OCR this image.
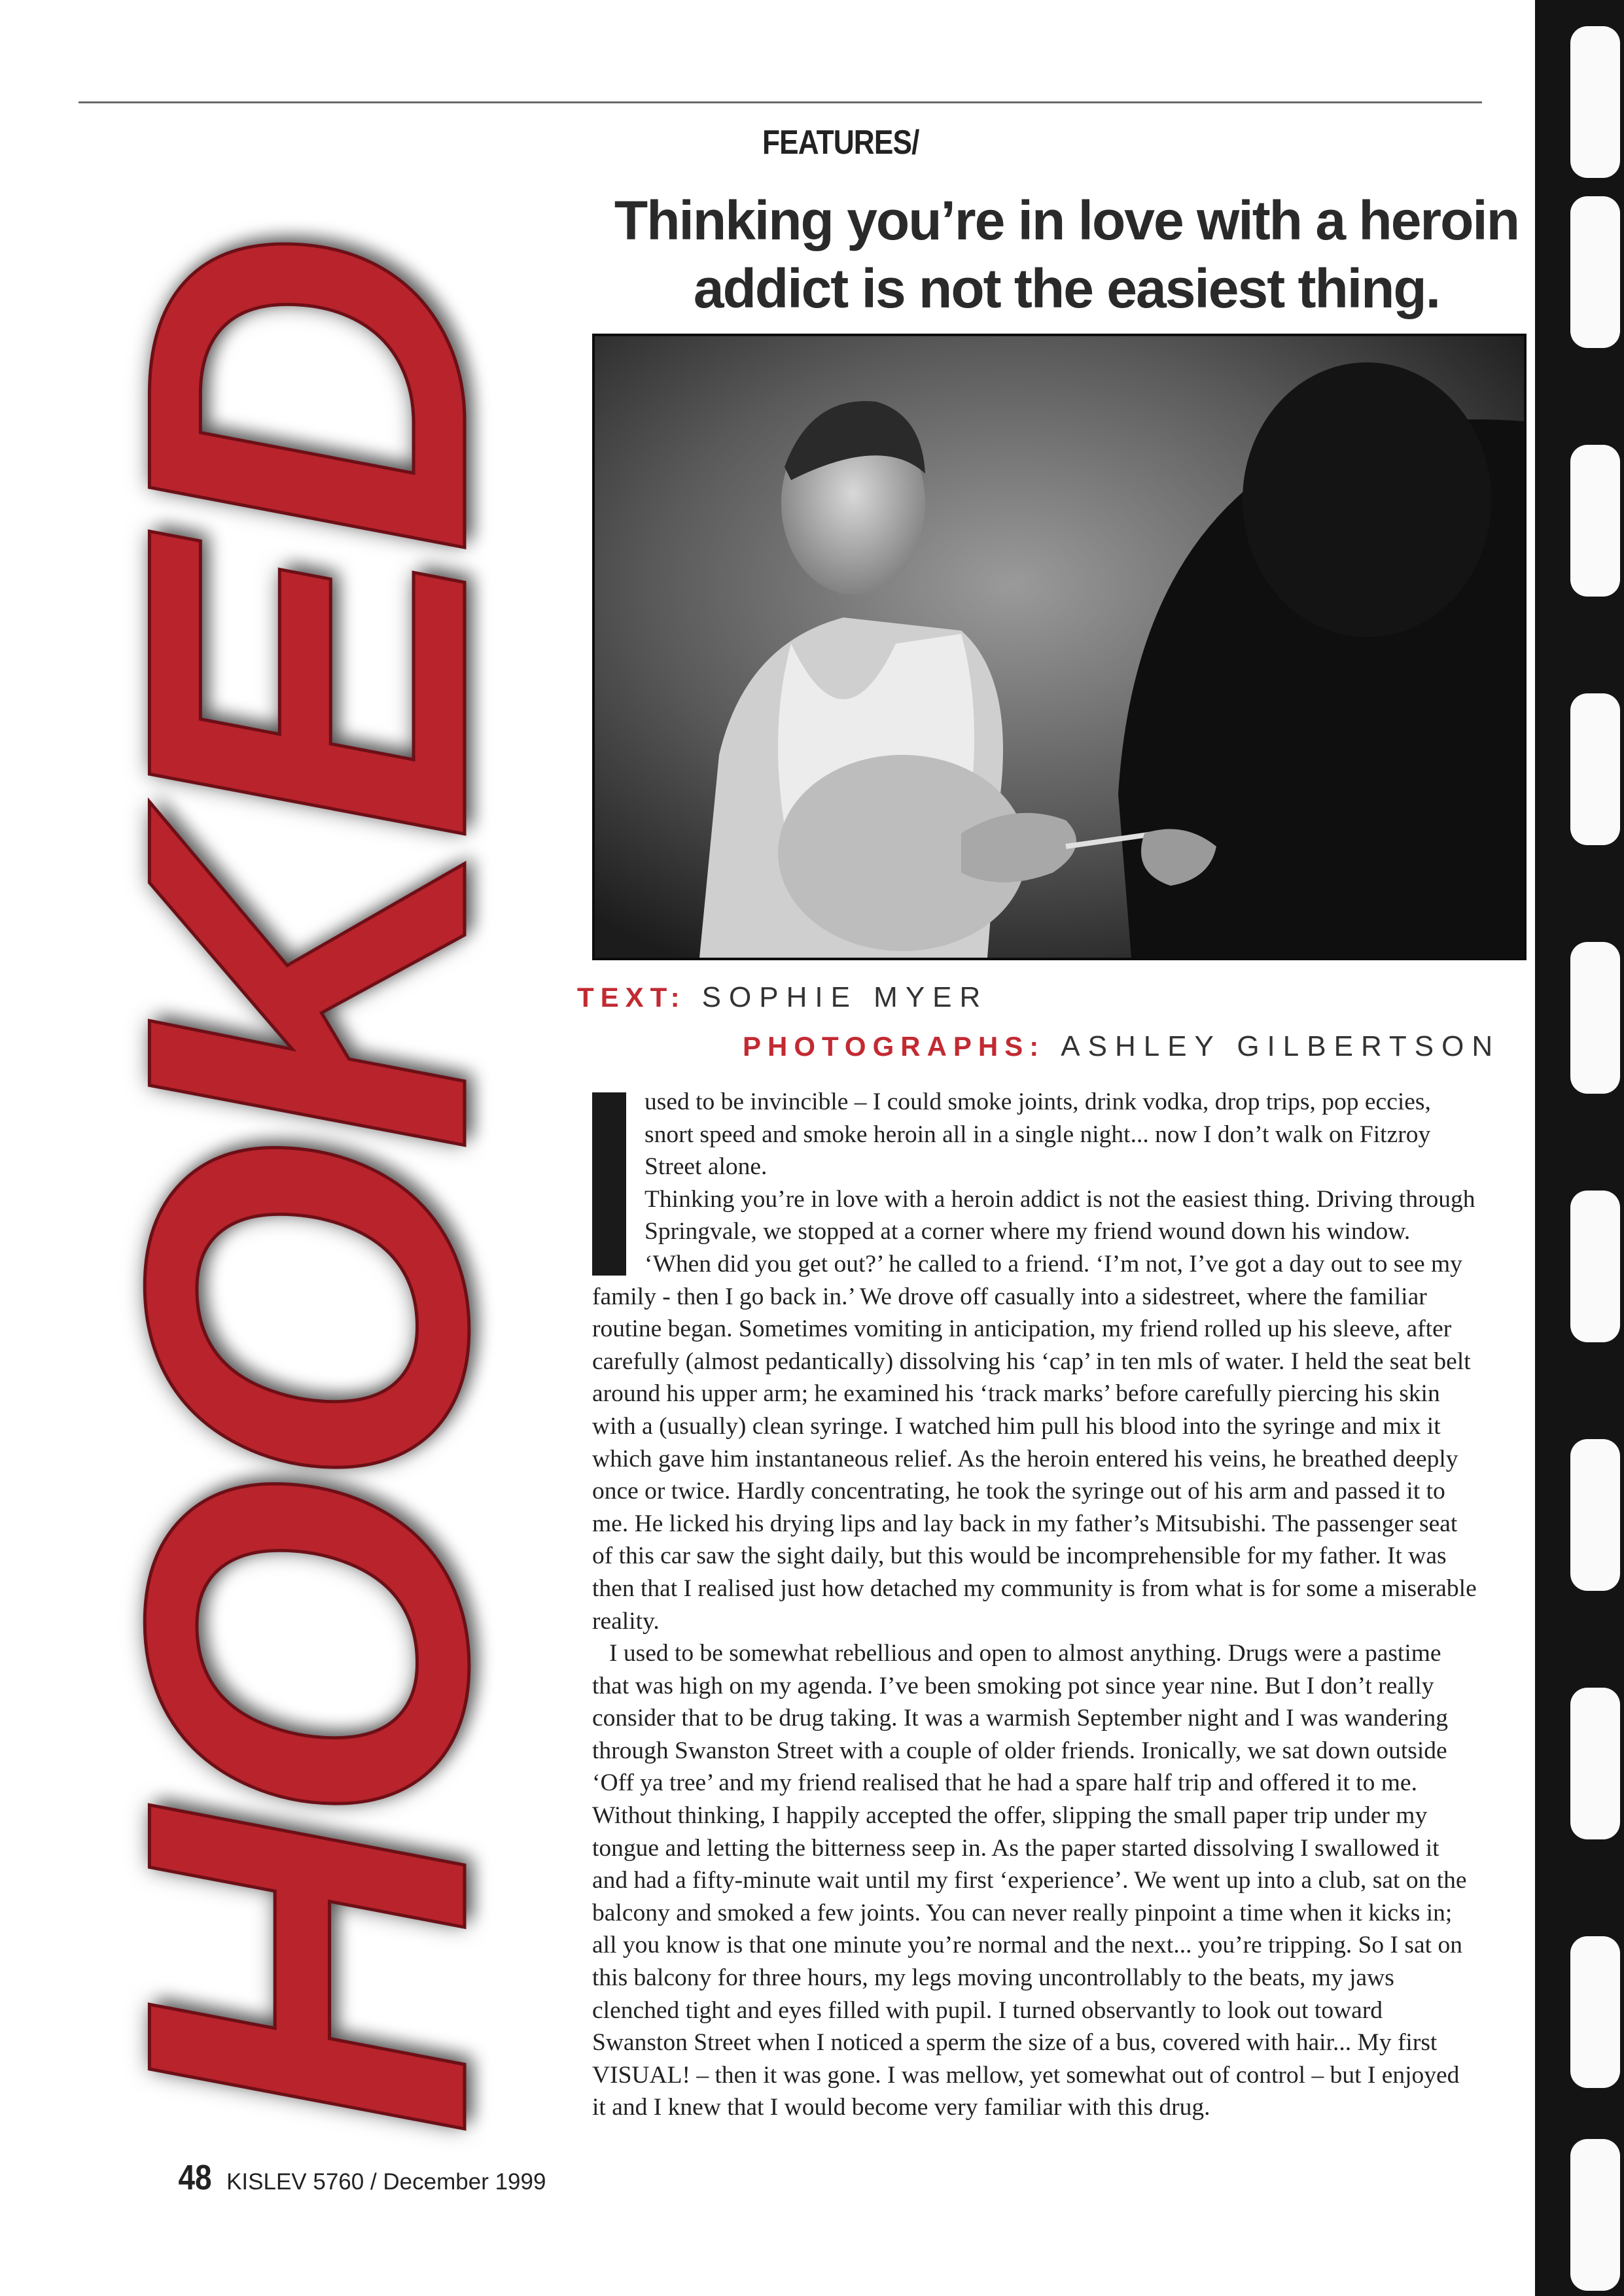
HOOKED
FEATURES/
Thinking you’re in love with a heroin
addict is not the easiest thing.
TEXT: SOPHIE MYER
PHOTOGRAPHS: ASHLEY GILBERTSON

used to be invincible – I could smoke joints, drink vodka, drop trips, pop eccies, snort speed and smoke heroin all in a single night... now I don’t walk on Fitzroy Street alone.

Thinking you’re in love with a heroin addict is not the easiest thing. Driving through Springvale, we stopped at a corner where my friend wound down his window. ‘When did you get out?’ he called to a friend. ‘I’m not, I’ve got a day out to see my family - then I go back in.’ We drove off casually into a sidestreet, where the familiar routine began. Sometimes vomiting in anticipation, my friend rolled up his sleeve, after carefully (almost pedantically) dissolving his ‘cap’ in ten mls of water. I held the seat belt around his upper arm; he examined his ‘track marks’ before carefully piercing his skin with a (usually) clean syringe. I watched him pull his blood into the syringe and mix it which gave him instantaneous relief. As the heroin entered his veins, he breathed deeply once or twice. Hardly concentrating, he took the syringe out of his arm and passed it to me. He licked his drying lips and lay back in my father’s Mitsubishi. The passenger seat of this car saw the sight daily, but this would be incomprehensible for my father. It was then that I realised just how detached my community is from what is for some a miserable reality.

I used to be somewhat rebellious and open to almost anything. Drugs were a pastime that was high on my agenda. I’ve been smoking pot since year nine. But I don’t really consider that to be drug taking. It was a warmish September night and I was wandering through Swanston Street with a couple of older friends. Ironically, we sat down outside ‘Off ya tree’ and my friend realised that he had a spare half trip and offered it to me. Without thinking, I happily accepted the offer, slipping the small paper trip under my tongue and letting the bitterness seep in. As the paper started dissolving I swallowed it and had a fifty-minute wait until my first ‘experience’. We went up into a club, sat on the balcony and smoked a few joints. You can never really pinpoint a time when it kicks in; all you know is that one minute you’re normal and the next... you’re tripping. So I sat on this balcony for three hours, my legs moving uncontrollably to the beats, my jaws clenched tight and eyes filled with pupil. I turned observantly to look out toward Swanston Street when I noticed a sperm the size of a bus, covered with hair... My first VISUAL! – then it was gone. I was mellow, yet somewhat out of control – but I enjoyed it and I knew that I would become very familiar with this drug.

48 KISLEV 5760 / December 1999
